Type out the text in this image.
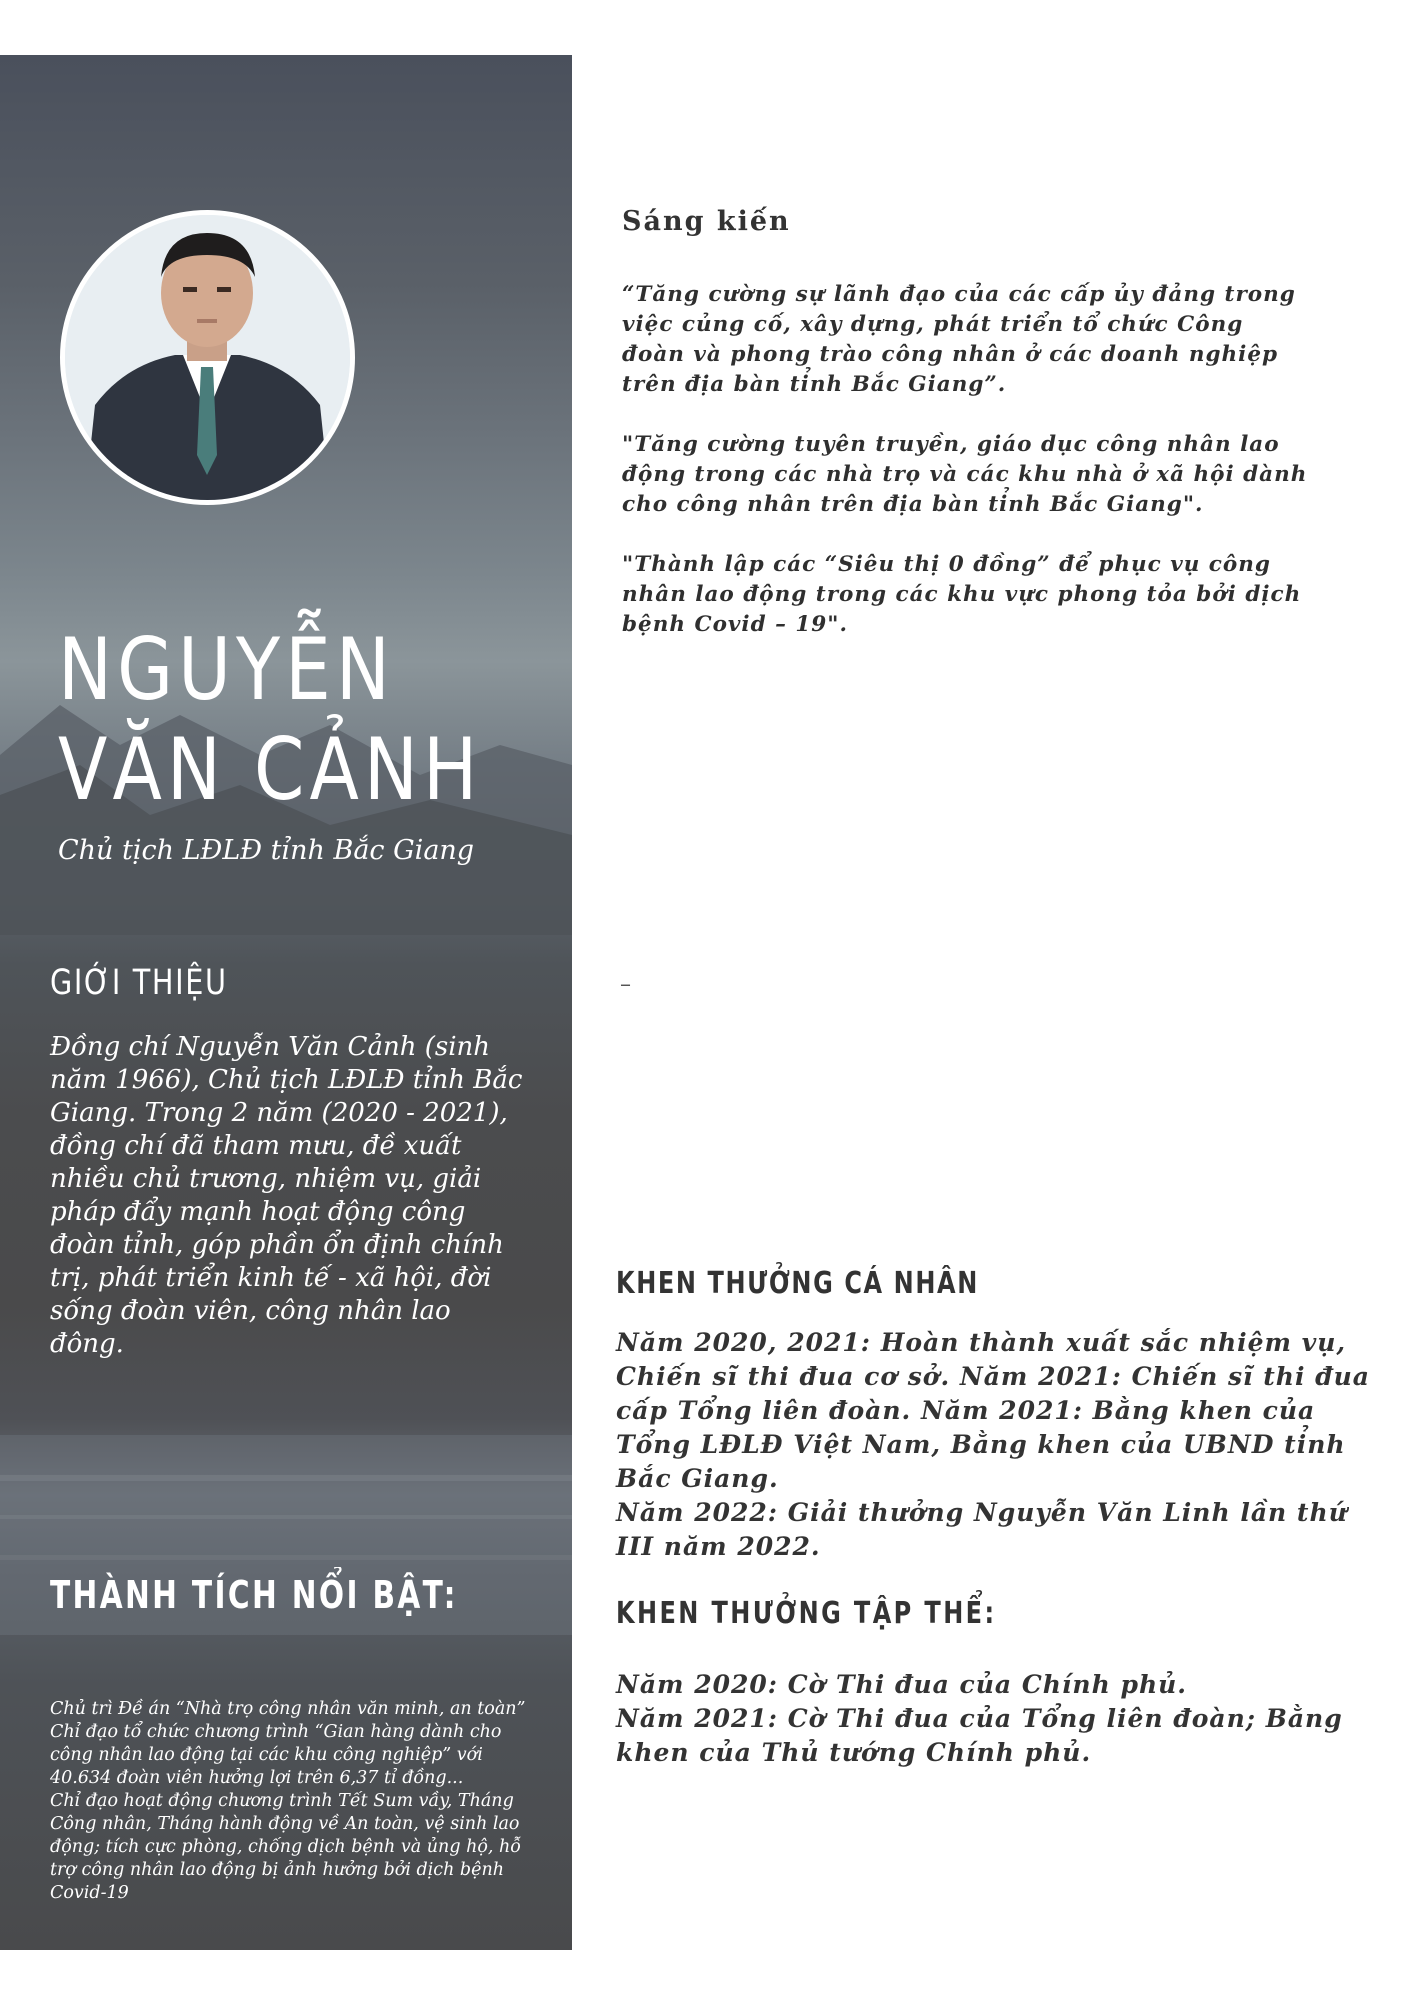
NGUYỄN
VĂN CẢNH
Chủ tịch LĐLĐ tỉnh Bắc Giang
GIỚI THIỆU
Đồng chí Nguyễn Văn Cảnh (sinh năm 1966), Chủ tịch LĐLĐ tỉnh Bắc Giang. Trong 2 năm (2020 - 2021), đồng chí đã tham mưu, đề xuất nhiều chủ trương, nhiệm vụ, giải pháp đẩy mạnh hoạt động công đoàn tỉnh, góp phần ổn định chính trị, phát triển kinh tế - xã hội, đời sống đoàn viên, công nhân lao đông.
THÀNH TÍCH NỔI BẬT:

Chủ trì Đề án “Nhà trọ công nhân văn minh, an toàn”

Chỉ đạo tổ chức chương trình “Gian hàng dành cho công nhân lao động tại các khu công nghiệp” với 40.634 đoàn viên hưởng lợi trên 6,37 tỉ đồng...

Chỉ đạo hoạt động chương trình Tết Sum vầy, Tháng Công nhân, Tháng hành động về An toàn, vệ sinh lao động; tích cực phòng, chống dịch bệnh và ủng hộ, hỗ trợ công nhân lao động bị ảnh hưởng bởi dịch bệnh Covid-19

Sáng kiến

“Tăng cường sự lãnh đạo của các cấp ủy đảng trong việc củng cố, xây dựng, phát triển tổ chức Công đoàn và phong trào công nhân ở các doanh nghiệp trên địa bàn tỉnh Bắc Giang”.

"Tăng cường tuyên truyền, giáo dục công nhân lao động trong các nhà trọ và các khu nhà ở xã hội dành cho công nhân trên địa bàn tỉnh Bắc Giang".

"Thành lập các “Siêu thị 0 đồng” để phục vụ công nhân lao động trong các khu vực phong tỏa bởi dịch bệnh Covid – 19".

–
KHEN THƯỞNG CÁ NHÂN

Năm 2020, 2021: Hoàn thành xuất sắc nhiệm vụ, Chiến sĩ thi đua cơ sở. Năm 2021: Chiến sĩ thi đua cấp Tổng liên đoàn. Năm 2021: Bằng khen của Tổng LĐLĐ Việt Nam, Bằng khen của UBND tỉnh Bắc Giang.

Năm 2022: Giải thưởng Nguyễn Văn Linh lần thứ III năm 2022.

KHEN THƯỞNG TẬP THỂ:

Năm 2020: Cờ Thi đua của Chính phủ.

Năm 2021: Cờ Thi đua của Tổng liên đoàn; Bằng khen của Thủ tướng Chính phủ.
